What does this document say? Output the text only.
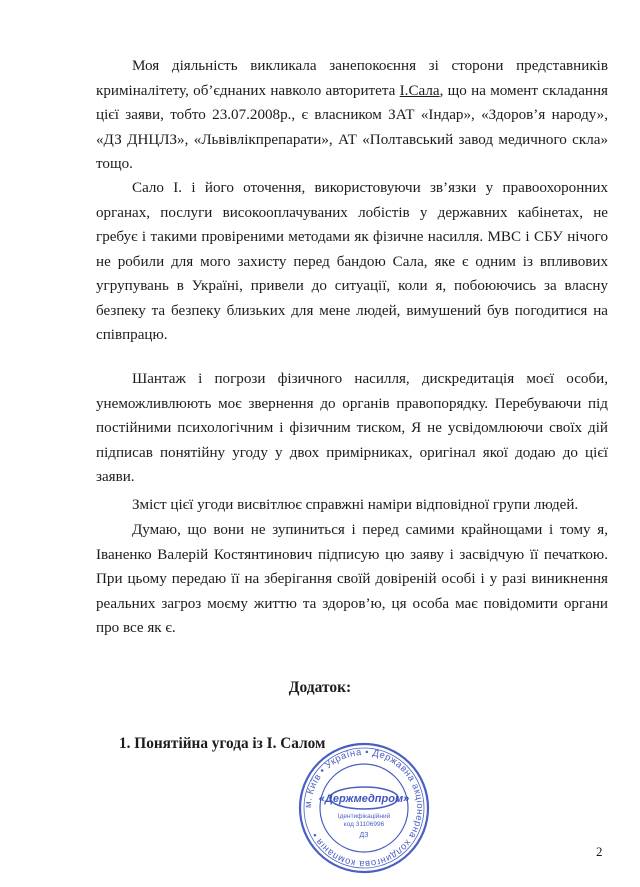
Моя діяльність викликала занепокоєння зі сторони представників криміналітету, об’єднаних навколо авторитета І.Сала, що на момент складання цієї заяви, тобто 23.07.2008р., є власником ЗАТ «Індар», «Здоров’я народу», «ДЗ ДНЦЛЗ», «Львівлікпрепарати», АТ «Полтавський завод медичного скла» тощо.

Сало І. і його оточення, використовуючи зв’язки у правоохоронних органах, послуги високооплачуваних лобістів у державних кабінетах, не гребує і такими провіреними методами як фізичне насилля. МВС і СБУ нічого не робили для мого захисту перед бандою Сала, яке є одним із впливових угрупувань в Україні, привели до ситуації, коли я, побоюючись за власну безпеку та безпеку близьких для мене людей, вимушений був погодитися на співпрацю.

Шантаж і погрози фізичного насилля, дискредитація моєї особи, унеможливлюють моє звернення до органів правопорядку. Перебуваючи під постійними психологічним і фізичним тиском, Я не усвідомлюючи своїх дій підписав понятійну угоду у двох примірниках, оригінал якої додаю до цієї заяви.

Зміст цієї угоди висвітлює справжні наміри відповідної групи людей.

Думаю, що вони не зупиниться і перед самими крайнощами і тому я, Іваненко Валерій Костянтинович підписую цю заяву і засвідчую її печаткою. При цьому передаю її на зберігання своїй довіреній особі і у разі виникнення реальних загроз моєму життю та здоров’ю, ця особа має повідомити органи про все як є.

Додаток:
1. Понятійна угода із І. Салом
м. Київ • Україна • Державна акціонерна холдингова компанія •
«Держмедпром»
Ідентифікаційний
код 31106996
ДЗ
2
